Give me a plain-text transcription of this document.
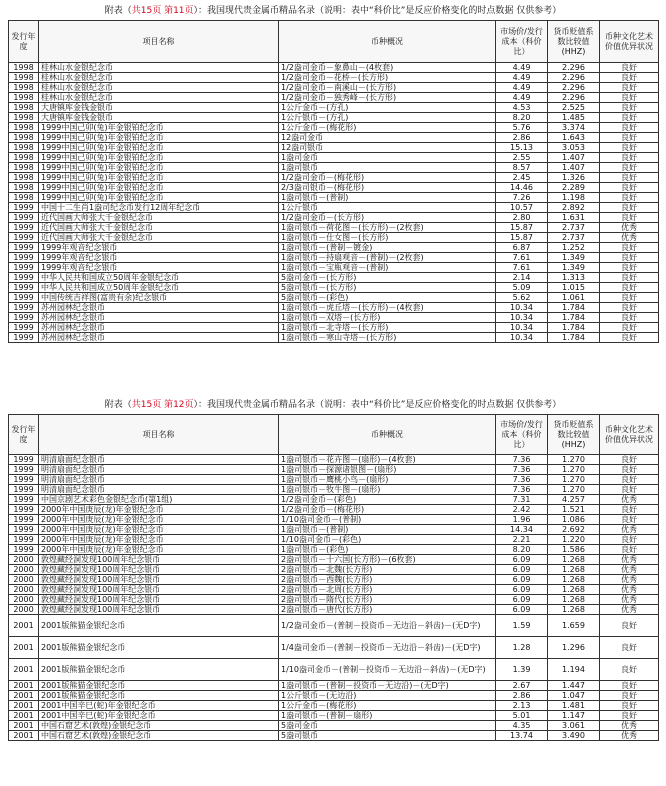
附表（共15页 第11页）：我国现代贵金属币精品名录（说明：表中“科价比”是反应价格变化的时点数据 仅供参考）
发行年度	项目名称	币种概况	市场价/发行成本（科价比）	货币贬值系数比较值(HHZ)	币种文化艺术价值优异状况
1998	桂林山水金银纪念币	1/2盎司金币－象鼻山－(4枚套)	4.49	2.296	良好
1998	桂林山水金银纪念币	1/2盎司金币－花桥－(长方形)	4.49	2.296	良好
1998	桂林山水金银纪念币	1/2盎司金币－南溪山－(长方形)	4.49	2.296	良好
1998	桂林山水金银纪念币	1/2盎司金币－独秀峰－(长方形)	4.49	2.296	良好
1998	大唐镇库金钱金银币	1公斤金币－(方孔)	4.53	2.525	良好
1998	大唐镇库金钱金银币	1公斤银币－(方孔)	8.20	1.485	良好
1998	1999中国己卯(兔)年金银铂纪念币	1公斤金币－(梅花形)	5.76	3.374	良好
1998	1999中国己卯(兔)年金银铂纪念币	12盎司金币	2.86	1.643	良好
1998	1999中国己卯(兔)年金银铂纪念币	12盎司银币	15.13	3.053	良好
1998	1999中国己卯(兔)年金银铂纪念币	1盎司金币	2.55	1.407	良好
1998	1999中国己卯(兔)年金银铂纪念币	1盎司银币	8.57	1.407	良好
1998	1999中国己卯(兔)年金银铂纪念币	1/2盎司金币－(梅花形)	2.45	1.326	良好
1998	1999中国己卯(兔)年金银铂纪念币	2/3盎司银币－(梅花形)	14.46	2.289	良好
1998	1999中国己卯(兔)年金银铂纪念币	1盎司银币－(普制)	7.26	1.198	良好
1999	中国十二生肖1盎司纪念币发行12周年纪念币	1公斤银币	10.57	2.892	良好
1999	近代国画大师张大千金银纪念币	1/2盎司金币－(长方形)	2.80	1.631	良好
1999	近代国画大师张大千金银纪念币	1盎司银币－荷花图－(长方形)－(2枚套)	15.87	2.737	优秀
1999	近代国画大师张大千金银纪念币	1盎司银币－仕女图－(长方形)	15.87	2.737	优秀
1999	1999年观音纪念银币	1盎司银币－(普制－镀金)	6.87	1.252	良好
1999	1999年观音纪念银币	1盎司银币－持扇观音－(普制)－(2枚套)	7.61	1.349	良好
1999	1999年观音纪念银币	1盎司银币－宝瓶观音－(普制)	7.61	1.349	良好
1999	中华人民共和国成立50周年金银纪念币	5盎司金币－(长方形)	2.14	1.313	良好
1999	中华人民共和国成立50周年金银纪念币	5盎司银币－(长方形)	5.09	1.015	良好
1999	中国传统吉祥图(富贵有余)纪念银币	5盎司银币－(彩色)	5.62	1.061	良好
1999	苏州园林纪念银币	1盎司银币－虎丘塔－(长方形)－(4枚套)	10.34	1.784	良好
1999	苏州园林纪念银币	1盎司银币－双塔－(长方形)	10.34	1.784	良好
1999	苏州园林纪念银币	1盎司银币－北寺塔－(长方形)	10.34	1.784	良好
1999	苏州园林纪念银币	1盎司银币－寒山寺塔－(长方形)	10.34	1.784	良好
附表（共15页 第12页）：我国现代贵金属币精品名录（说明：表中“科价比”是反应价格变化的时点数据 仅供参考）
发行年度	项目名称	币种概况	市场价/发行成本（科价比）	货币贬值系数比较值(HHZ)	币种文化艺术价值优异状况
1999	明清扇面纪念银币	1盎司银币－花卉图－(扇形)－(4枚套)	7.36	1.270	良好
1999	明清扇面纪念银币	1盎司银币－探源诸银图－(扇形)	7.36	1.270	良好
1999	明清扇面纪念银币	1盎司银币－鹰桃小鸟－(扇形)	7.36	1.270	良好
1999	明清扇面纪念银币	1盎司银币－牧牛图－(扇形)	7.36	1.270	良好
1999	中国京剧艺术彩色金银纪念币(第1组)	1/2盎司金币－(彩色)	7.31	4.257	优秀
1999	2000年中国庚辰(龙)年金银纪念币	1/2盎司金币－(梅花形)	2.42	1.521	良好
1999	2000年中国庚辰(龙)年金银纪念币	1/10盎司金币－(普制)	1.96	1.086	良好
1999	2000年中国庚辰(龙)年金银纪念币	1盎司银币－(普制)	14.34	2.692	优秀
1999	2000年中国庚辰(龙)年金银纪念币	1/10盎司金币－(彩色)	2.21	1.220	良好
1999	2000年中国庚辰(龙)年金银纪念币	1盎司银币－(彩色)	8.20	1.586	良好
2000	敦煌藏经洞发现100周年纪念银币	2盎司银币－十六国(长方形)－(6枚套)	6.09	1.268	优秀
2000	敦煌藏经洞发现100周年纪念银币	2盎司银币－北魏(长方形)	6.09	1.268	优秀
2000	敦煌藏经洞发现100周年纪念银币	2盎司银币－西魏(长方形)	6.09	1.268	优秀
2000	敦煌藏经洞发现100周年纪念银币	2盎司银币－北周(长方形)	6.09	1.268	优秀
2000	敦煌藏经洞发现100周年纪念银币	2盎司银币－隋代(长方形)	6.09	1.268	优秀
2000	敦煌藏经洞发现100周年纪念银币	2盎司银币－唐代(长方形)	6.09	1.268	优秀
2001	2001版熊猫金银纪念币	1/2盎司金币－(普制－投资币－无边沿－斜齿)－(无D字)	1.59	1.659	良好
2001	2001版熊猫金银纪念币	1/4盎司金币－(普制－投资币－无边沿－斜齿)－(无D字)	1.28	1.296	良好
2001	2001版熊猫金银纪念币	1/10盎司金币－(普制－投资币－无边沿－斜齿)－(无D字)	1.39	1.194	良好
2001	2001版熊猫金银纪念币	1盎司银币－(普制－投资币－无边沿)－(无D字)	2.67	1.447	良好
2001	2001版熊猫金银纪念币	1公斤银币－(无边沿)	2.86	1.047	良好
2001	2001中国辛巳(蛇)年金银纪念币	1公斤金币－(梅花形)	2.13	1.481	良好
2001	2001中国辛巳(蛇)年金银纪念币	1盎司银币－(普制－扇形)	5.01	1.147	良好
2001	中国石窟艺术(敦煌)金银纪念币	5盎司金币	4.35	3.061	优秀
2001	中国石窟艺术(敦煌)金银纪念币	5盎司银币	13.74	3.490	优秀
